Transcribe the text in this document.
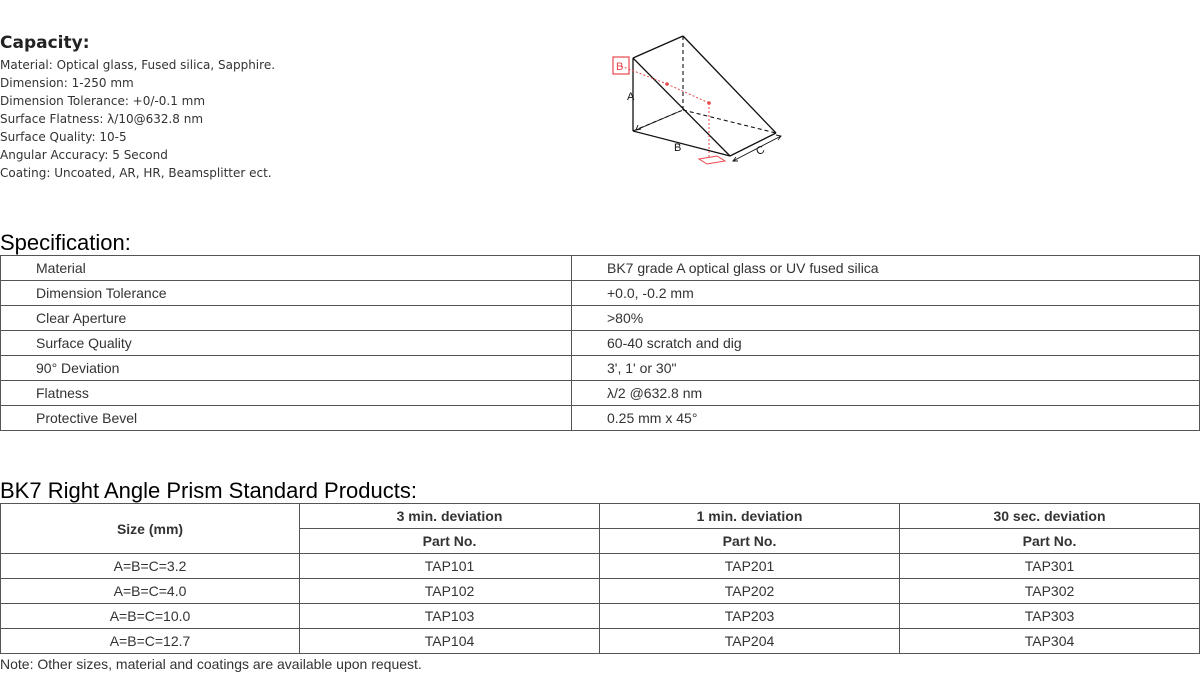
Capacity:
Material: Optical glass, Fused silica, Sapphire.
Dimension: 1-250 mm
Dimension Tolerance: +0/-0.1 mm
Surface Flatness: λ/10@632.8 nm
Surface Quality: 10-5
Angular Accuracy: 5 Second
Coating: Uncoated, AR, HR, Beamsplitter ect.
B
A
B	C
Specification:
Material	BK7 grade A optical glass or UV fused silica
Dimension Tolerance	+0.0, -0.2 mm
Clear Aperture	>80%
Surface Quality	60-40 scratch and dig
90° Deviation	3', 1' or 30"
Flatness	λ/2 @632.8 nm
Protective Bevel	0.25 mm x 45°
BK7 Right Angle Prism Standard Products:
Size (mm)	3 min. deviation	1 min. deviation	30 sec. deviation
	Part No.	Part No.	Part No.
A=B=C=3.2	TAP101	TAP201	TAP301
A=B=C=4.0	TAP102	TAP202	TAP302
A=B=C=10.0	TAP103	TAP203	TAP303
A=B=C=12.7	TAP104	TAP204	TAP304
Note: Other sizes, material and coatings are available upon request.
